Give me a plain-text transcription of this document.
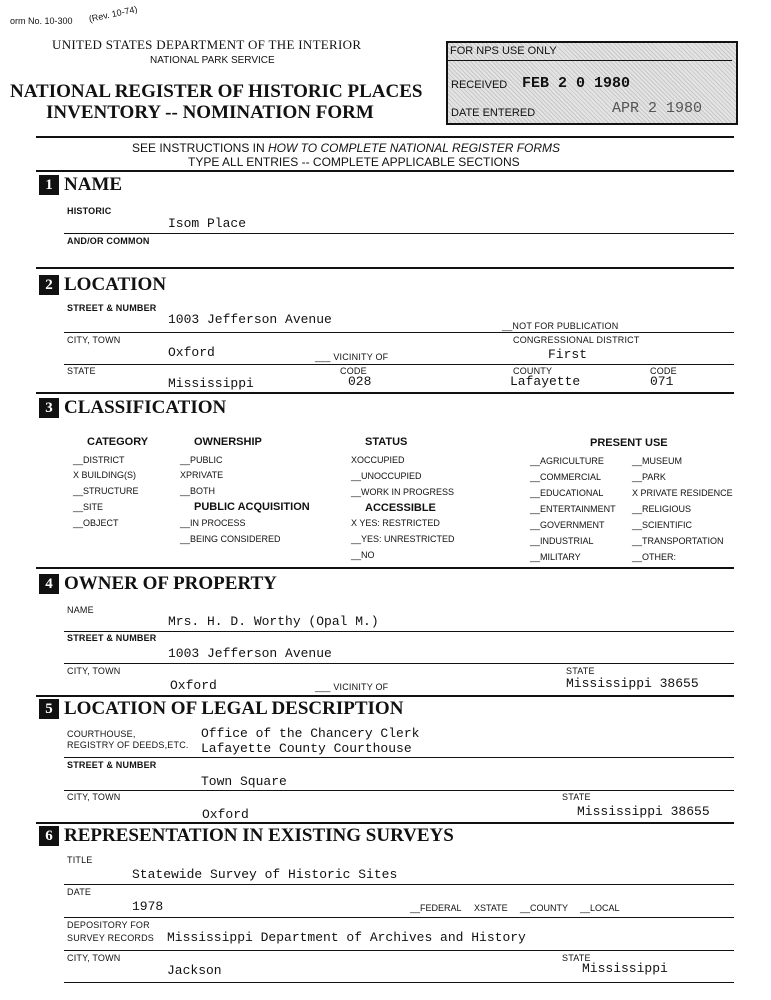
orm No. 10-300 (Rev. 10-74)
UNITED STATES DEPARTMENT OF THE INTERIOR
NATIONAL PARK SERVICE
NATIONAL REGISTER OF HISTORIC PLACES
INVENTORY -- NOMINATION FORM
FOR NPS USE ONLY
RECEIVED FEB 2 0 1980
DATE ENTERED	APR 2 1980
SEE INSTRUCTIONS IN HOW TO COMPLETE NATIONAL REGISTER FORMS
TYPE ALL ENTRIES -- COMPLETE APPLICABLE SECTIONS
1 NAME
HISTORIC
Isom Place
AND/OR COMMON
2 LOCATION
STREET & NUMBER
1003 Jefferson Avenue	__NOT FOR PUBLICATION
CITY, TOWN	CONGRESSIONAL DISTRICT
Oxford	___ VICINITY OF	First
STATE	CODE	COUNTY	CODE
Mississippi	028	Lafayette	071
3 CLASSIFICATION
CATEGORY
__DISTRICT
X BUILDING(S)
__STRUCTURE
__SITE
__OBJECT
OWNERSHIP
__PUBLIC
XPRIVATE
__BOTH
PUBLIC ACQUISITION
__IN PROCESS
__BEING CONSIDERED
STATUS
XOCCUPIED
__UNOCCUPIED
__WORK IN PROGRESS
ACCESSIBLE
X YES: RESTRICTED
__YES: UNRESTRICTED
__NO
PRESENT USE
__AGRICULTURE
__COMMERCIAL
__EDUCATIONAL
__ENTERTAINMENT
__GOVERNMENT
__INDUSTRIAL
__MILITARY
__MUSEUM
__PARK
X PRIVATE RESIDENCE
__RELIGIOUS
__SCIENTIFIC
__TRANSPORTATION
__OTHER:
4 OWNER OF PROPERTY
NAME
Mrs. H. D. Worthy (Opal M.)
STREET & NUMBER
1003 Jefferson Avenue
CITY, TOWN	STATE
Oxford	___ VICINITY OF	Mississippi 38655
5 LOCATION OF LEGAL DESCRIPTION
COURTHOUSE,
REGISTRY OF DEEDS,ETC.
Office of the Chancery Clerk
Lafayette County Courthouse
STREET & NUMBER
Town Square
CITY, TOWN	STATE
Oxford	Mississippi 38655
6 REPRESENTATION IN EXISTING SURVEYS
TITLE
Statewide Survey of Historic Sites
DATE
1978	__FEDERAL XSTATE __COUNTY __LOCAL
DEPOSITORY FOR
SURVEY RECORDS Mississippi Department of Archives and History
CITY, TOWN	STATE
Jackson	Mississippi
